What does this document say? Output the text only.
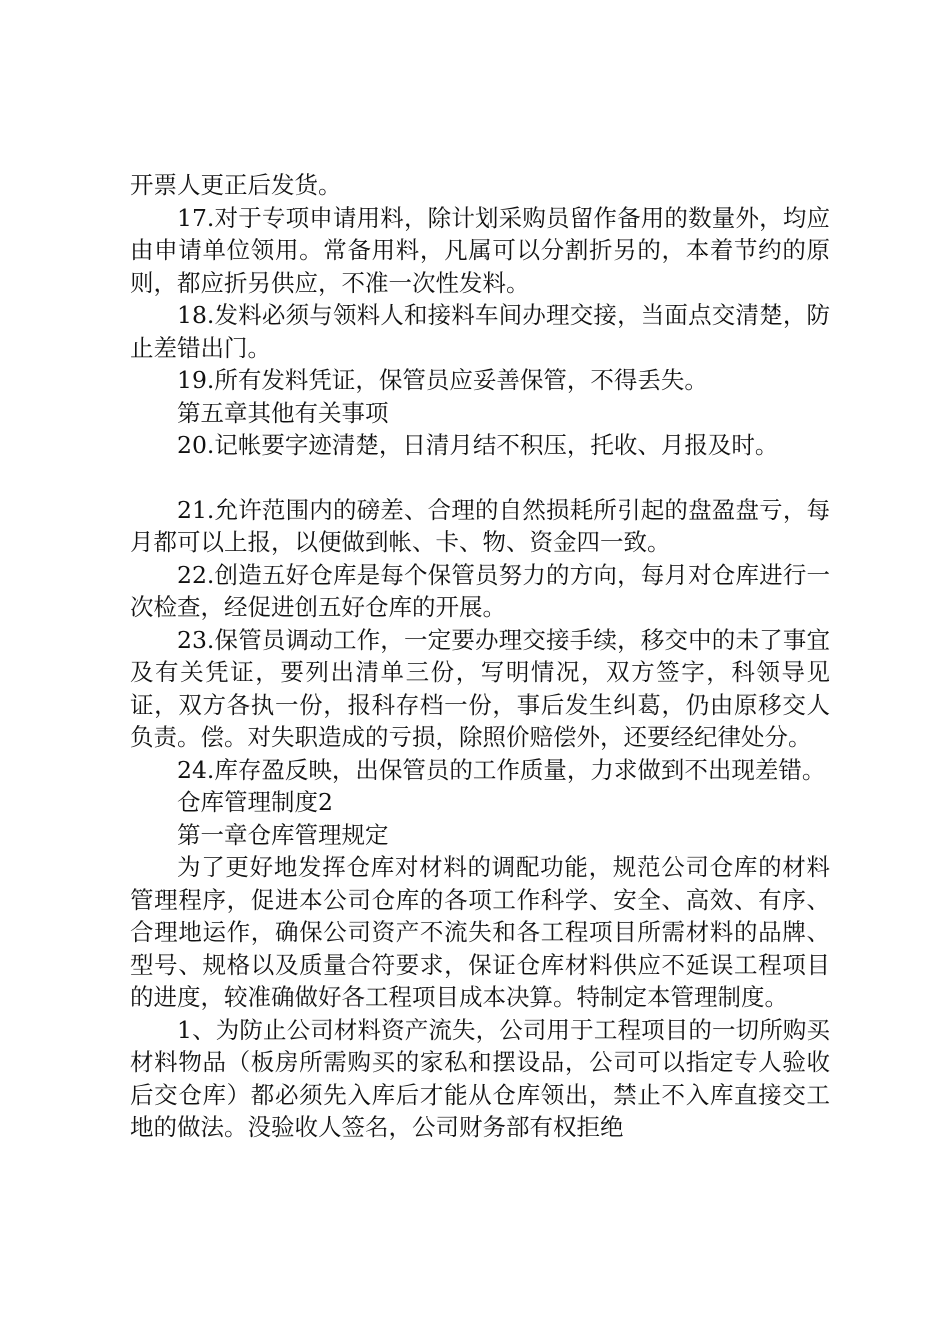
开票人更正后发货。

17.对于专项申请用料，除计划采购员留作备用的数量外，均应由申请单位领用。常备用料，凡属可以分割折另的，本着节约的原则，都应折另供应，不准一次性发料。

18.发料必须与领料人和接料车间办理交接，当面点交清楚，防止差错出门。

19.所有发料凭证，保管员应妥善保管，不得丢失。

第五章其他有关事项

20.记帐要字迹清楚，日清月结不积压，托收、月报及时。

21.允许范围内的磅差、合理的自然损耗所引起的盘盈盘亏，每月都可以上报，以便做到帐、卡、物、资金四一致。

22.创造五好仓库是每个保管员努力的方向，每月对仓库进行一次检查，经促进创五好仓库的开展。

23.保管员调动工作，一定要办理交接手续，移交中的未了事宜及有关凭证，要列出清单三份，写明情况，双方签字，科领导见证，双方各执一份，报科存档一份，事后发生纠葛，仍由原移交人负责。偿。对失职造成的亏损，除照价赔偿外，还要经纪律处分。

24.库存盈反映，出保管员的工作质量，力求做到不出现差错。

仓库管理制度2

第一章仓库管理规定

为了更好地发挥仓库对材料的调配功能，规范公司仓库的材料管理程序，促进本公司仓库的各项工作科学、安全、高效、有序、合理地运作，确保公司资产不流失和各工程项目所需材料的品牌、型号、规格以及质量合符要求，保证仓库材料供应不延误工程项目的进度，较准确做好各工程项目成本决算。特制定本管理制度。

1、为防止公司材料资产流失，公司用于工程项目的一切所购买材料物品（板房所需购买的家私和摆设品，公司可以指定专人验收后交仓库）都必须先入库后才能从仓库领出，禁止不入库直接交工地的做法。没验收人签名，公司财务部有权拒绝
